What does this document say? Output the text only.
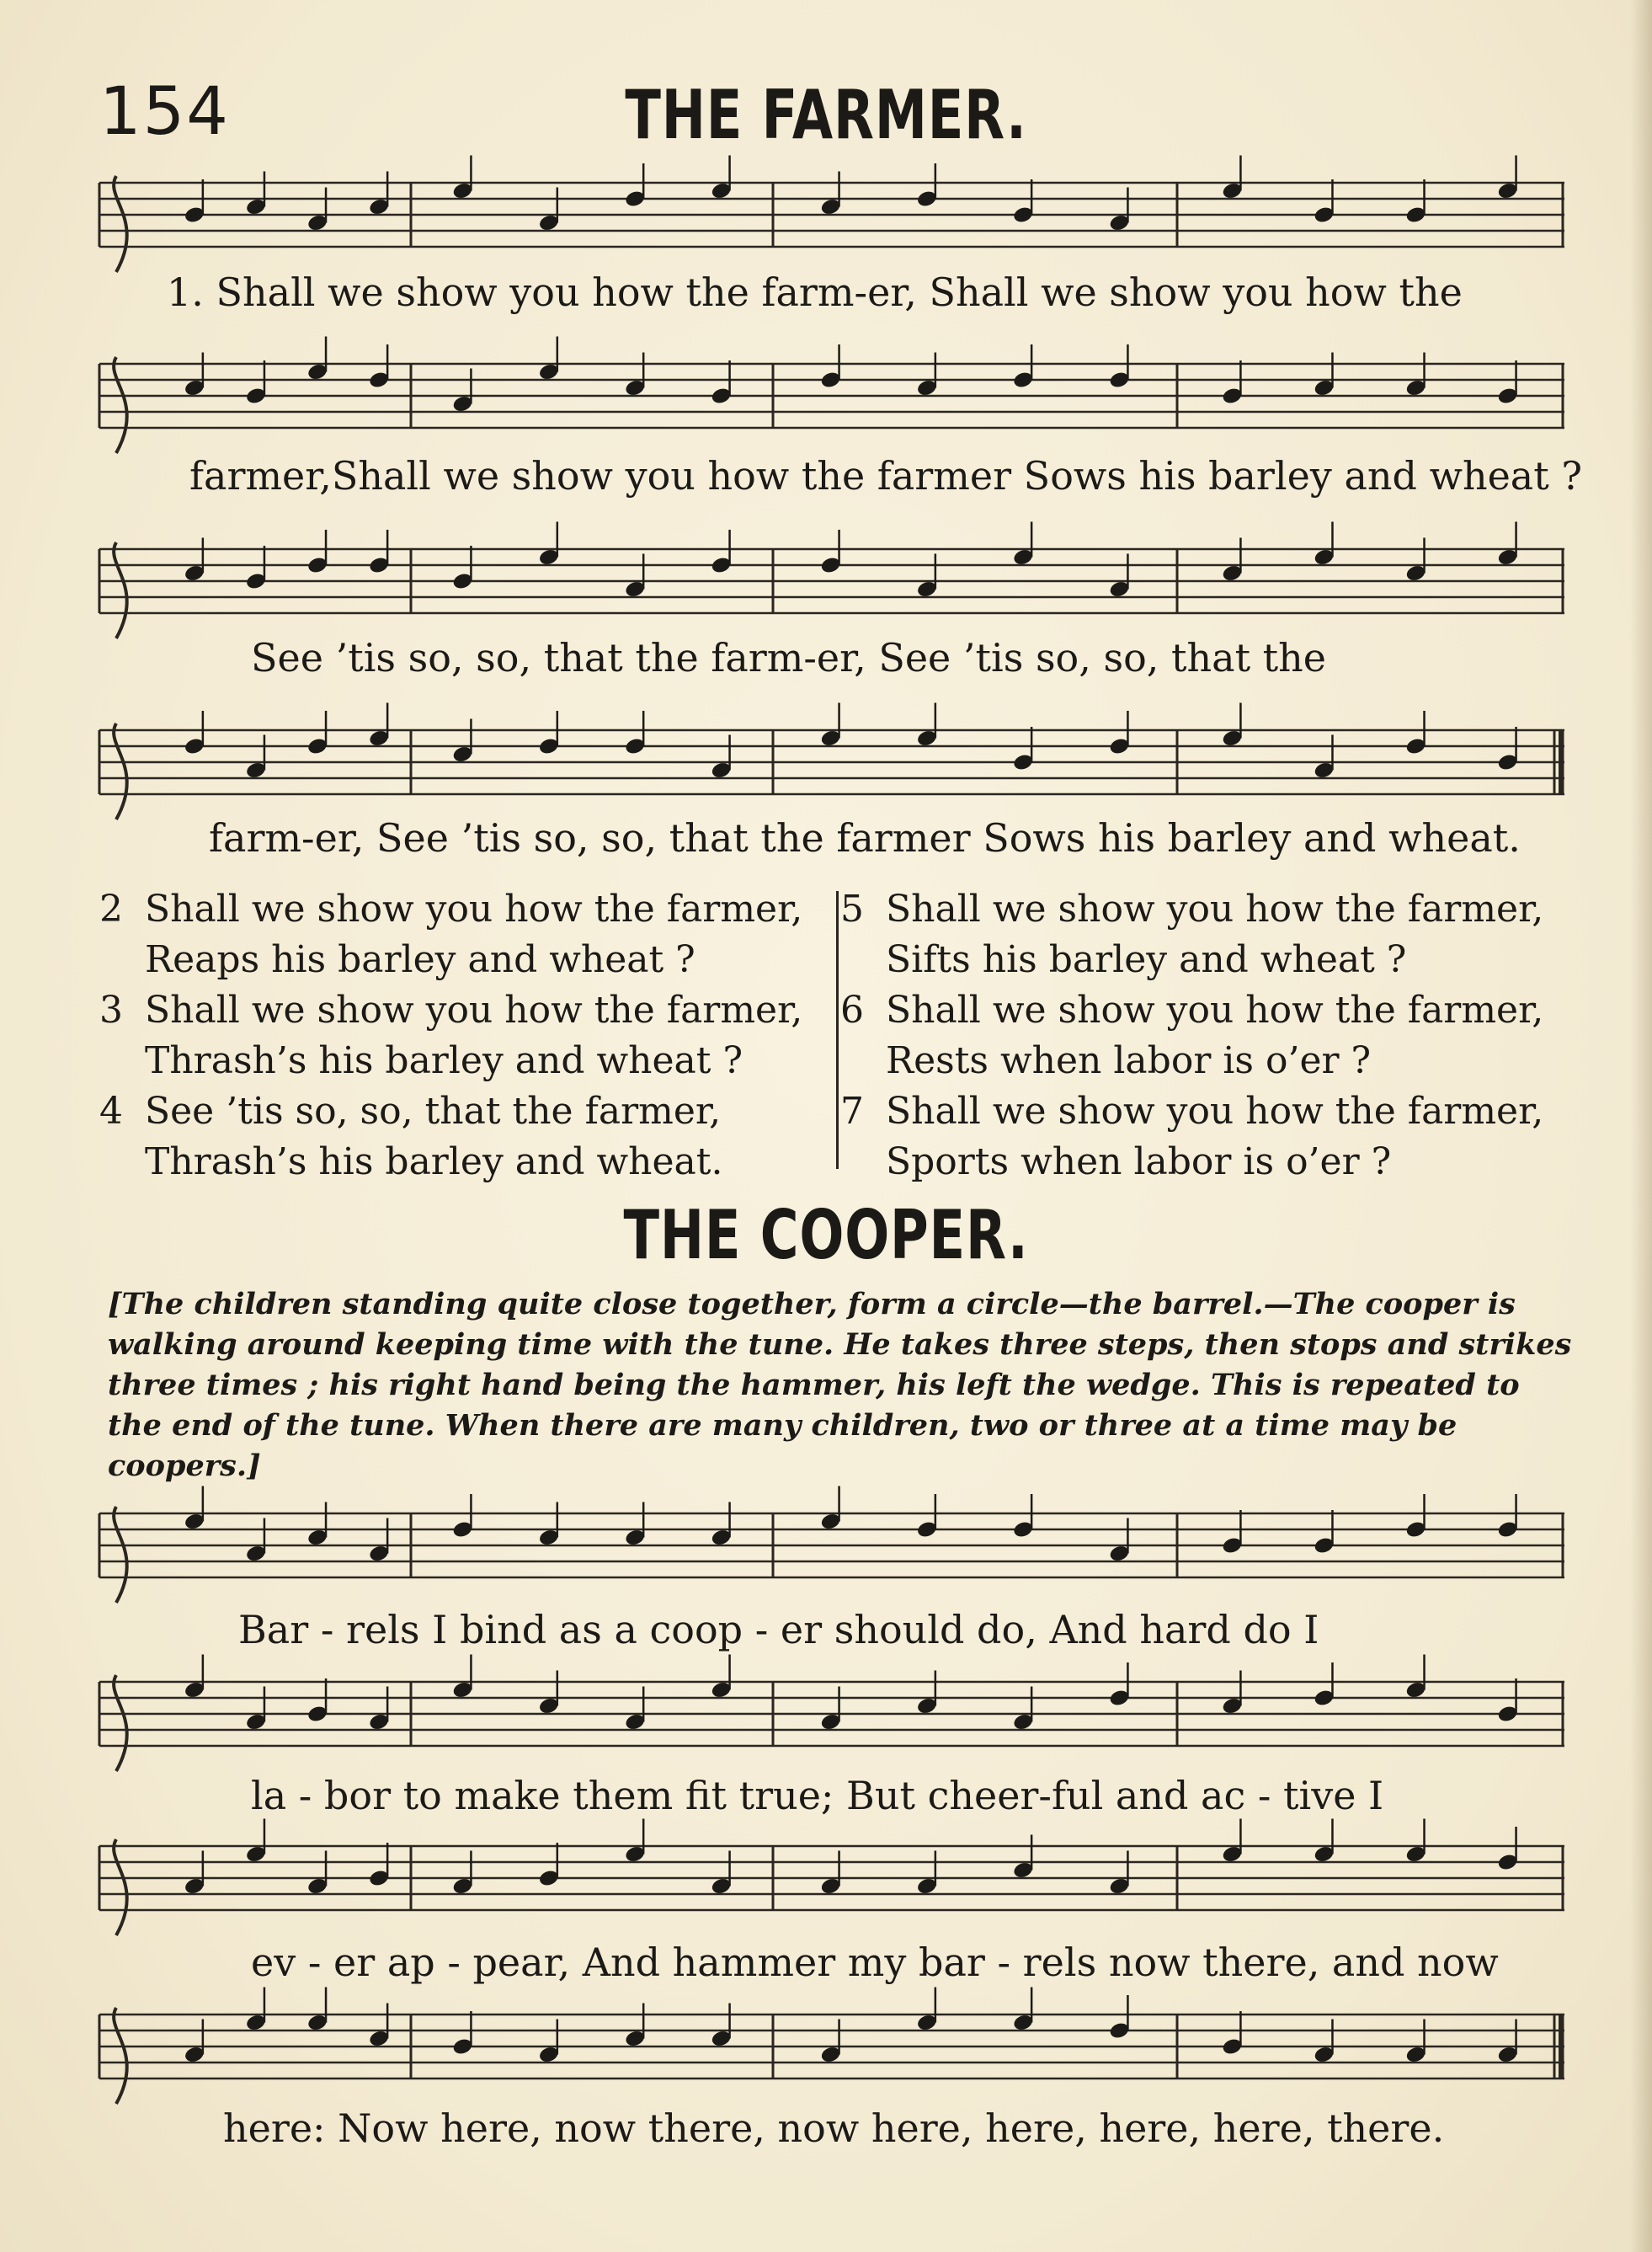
154	THE FARMER.
1. Shall we show you how the farm-er, Shall we show you how the
farmer,Shall we show you how the farmer Sows his barley and wheat ?
See ’tis so, so, that the farm-er, See ’tis so, so, that the
farm-er, See ’tis so, so, that the farmer Sows his barley and wheat.
2 Shall we show you how the farmer,
Reaps his barley and wheat ?
3 Shall we show you how the farmer,
Thrash’s his barley and wheat ?
4 See ’tis so, so, that the farmer,
Thrash’s his barley and wheat.
5 Shall we show you how the farmer,
Sifts his barley and wheat ?
6 Shall we show you how the farmer,
Rests when labor is o’er ?
7 Shall we show you how the farmer,
Sports when labor is o’er ?
THE COOPER.
[The children standing quite close together, form a circle—the barrel.—The cooper is walking around keeping time with the tune. He takes three steps, then stops and strikes three times ; his right hand being the hammer, his left the wedge. This is repeated to the end of the tune. When there are many children, two or three at a time may be coopers.]
Bar - rels I bind as a coop - er should do, And hard do I
la - bor to make them fit true; But cheer-ful and ac - tive I
ev - er ap - pear, And hammer my bar - rels now there, and now
here: Now here, now there, now here, here, here, here, there.
